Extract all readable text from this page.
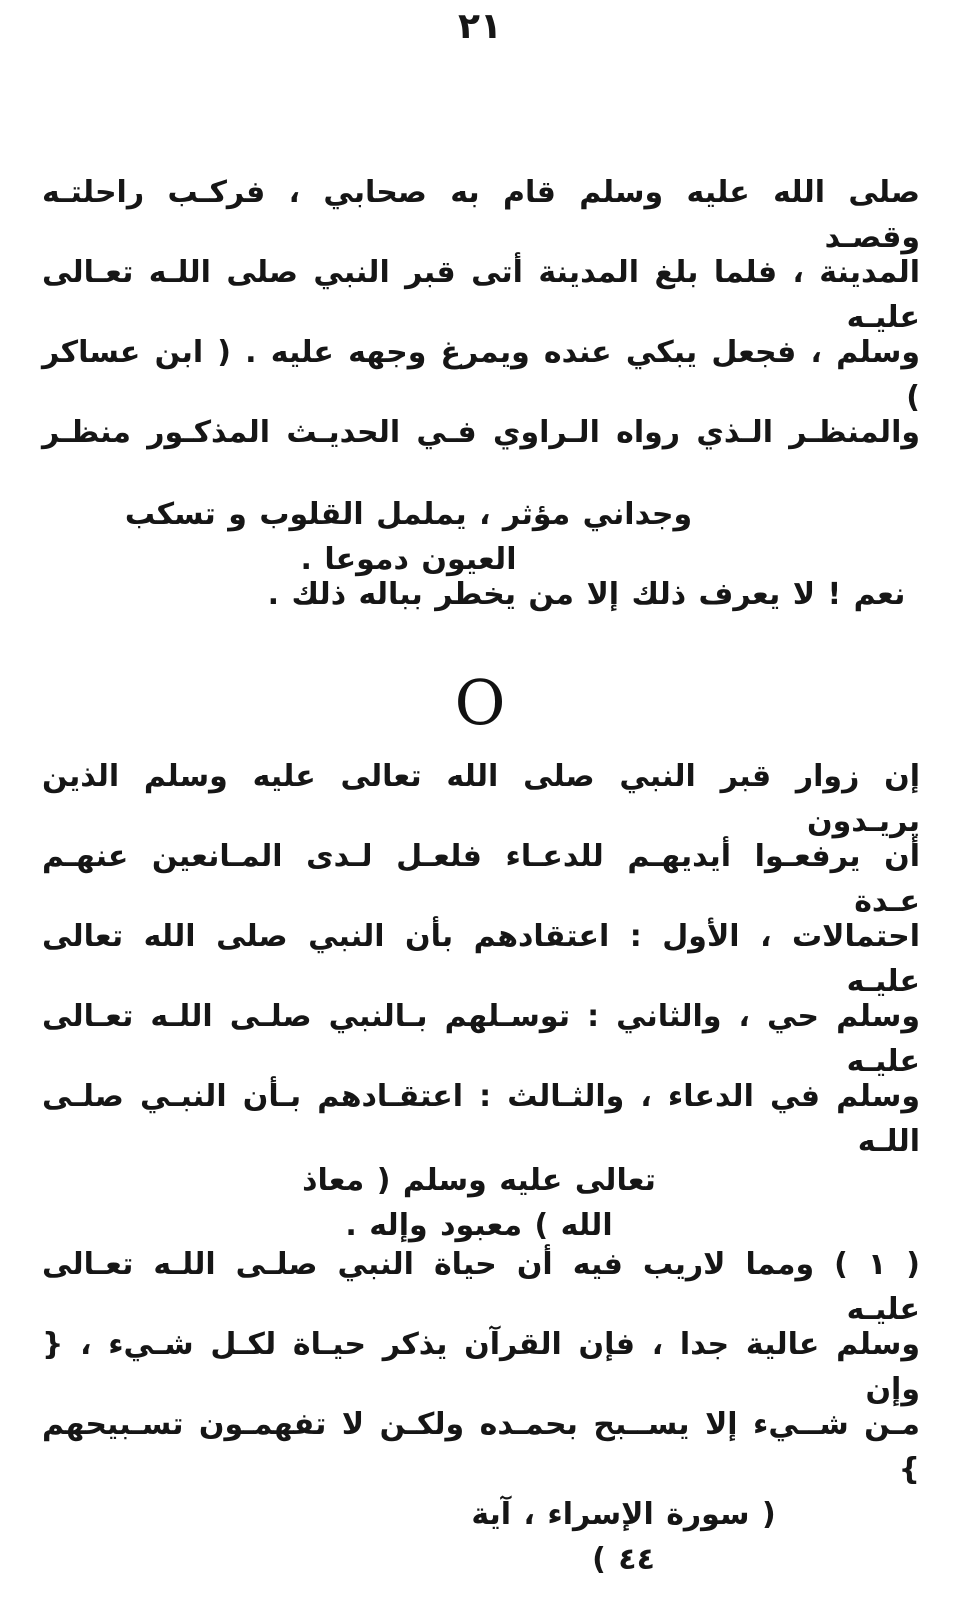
٢١
صلى الله عليه وسلم قام به صحابي ، فركـب راحلتـه وقصـد
المدينة ، فلما بلغ المدينة أتى قبر النبي صلى اللـه تعـالى عليـه
وسلم ، فجعل يبكي عنده ويمرغ وجهه عليه . ( ابن عساكر )
والمنظـر الـذي رواه الـراوي فـي الحديـث المذكـور منظـر
وجداني مؤثر ، يململ القلوب و تسكب العيون دموعا .
نعم ! لا يعرف ذلك إلا من يخطر بباله ذلك .
O
إن زوار قبر النبي صلى الله تعالى عليه وسلم الذين يريـدون
أن يرفعـوا أيديهـم للدعـاء فلعـل لـدى المـانعين عنهـم عـدة
احتمالات ، الأول : اعتقادهم بأن النبي صلى الله تعالى عليـه
وسلم حي ، والثاني : توسـلهم بـالنبي صلـى اللـه تعـالى عليـه
وسلم في الدعاء ، والثـالث : اعتقـادهم بـأن النبـي صلـى اللـه
تعالى عليه وسلم ( معاذ الله ) معبود وإله .
( ١ ) ومما لاريب فيه أن حياة النبي صلـى اللـه تعـالى عليـه
وسلم عالية جدا ، فإن القرآن يذكر حيـاة لكـل شـيء ، { وإن
مـن شــيء إلا يســبح بحمـده ولكـن لا تفهمـون تسـبيحهم }
( سورة الإسراء ، آية ٤٤ )
